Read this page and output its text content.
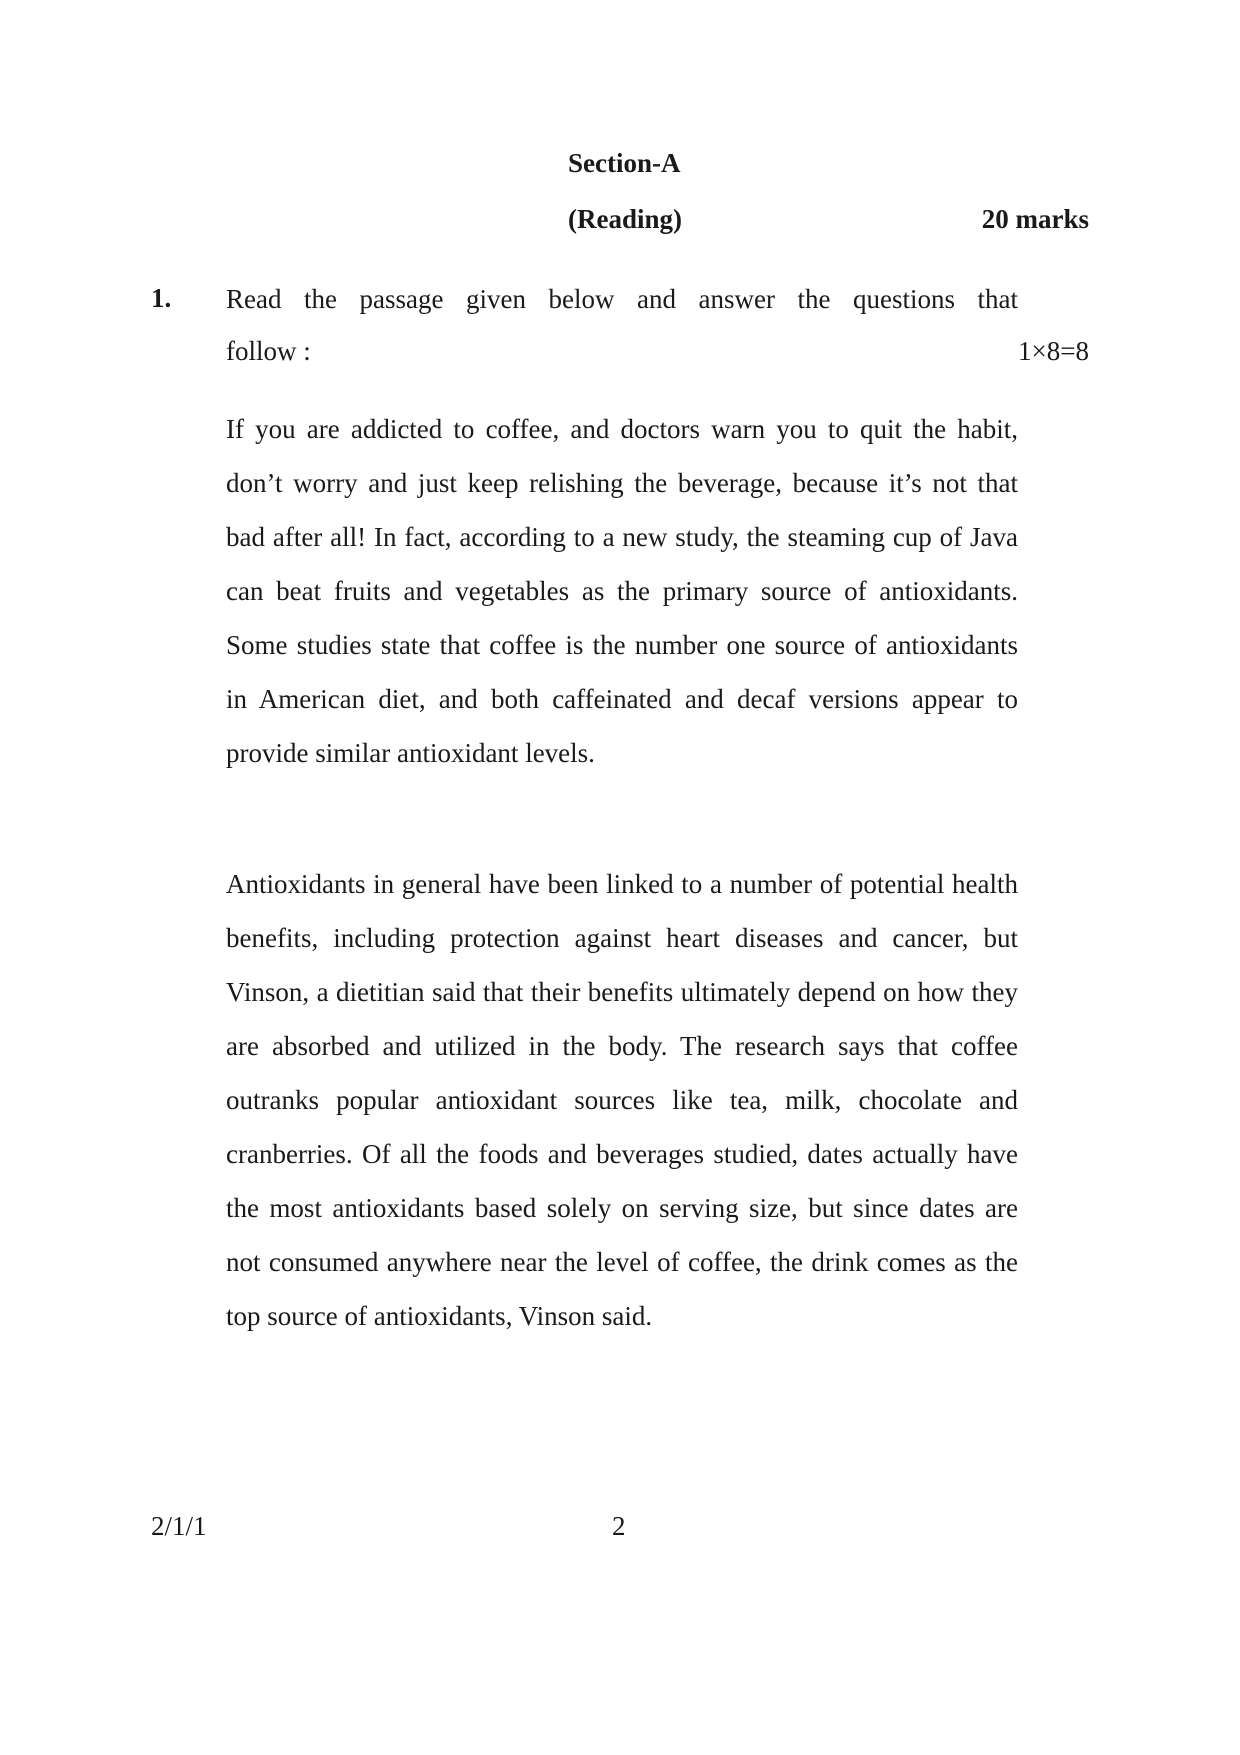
Section-A
(Reading)	20 marks
1. Read the passage given below and answer the questions that
follow :	1×8=8

If you are addicted to coffee, and doctors warn you to quit the habit, don’t worry and just keep relishing the beverage, because it’s not that bad after all! In fact, according to a new study, the steaming cup of Java can beat fruits and vegetables as the primary source of antioxidants. Some studies state that coffee is the number one source of antioxidants in American diet, and both caffeinated and decaf versions appear to provide similar antioxidant levels.

Antioxidants in general have been linked to a number of potential health benefits, including protection against heart diseases and cancer, but Vinson, a dietitian said that their benefits ultimately depend on how they are absorbed and utilized in the body. The research says that coffee outranks popular antioxidant sources like tea, milk, chocolate and cranberries. Of all the foods and beverages studied, dates actually have the most antioxidants based solely on serving size, but since dates are not consumed anywhere near the level of coffee, the drink comes as the top source of antioxidants, Vinson said.

2/1/1	2
